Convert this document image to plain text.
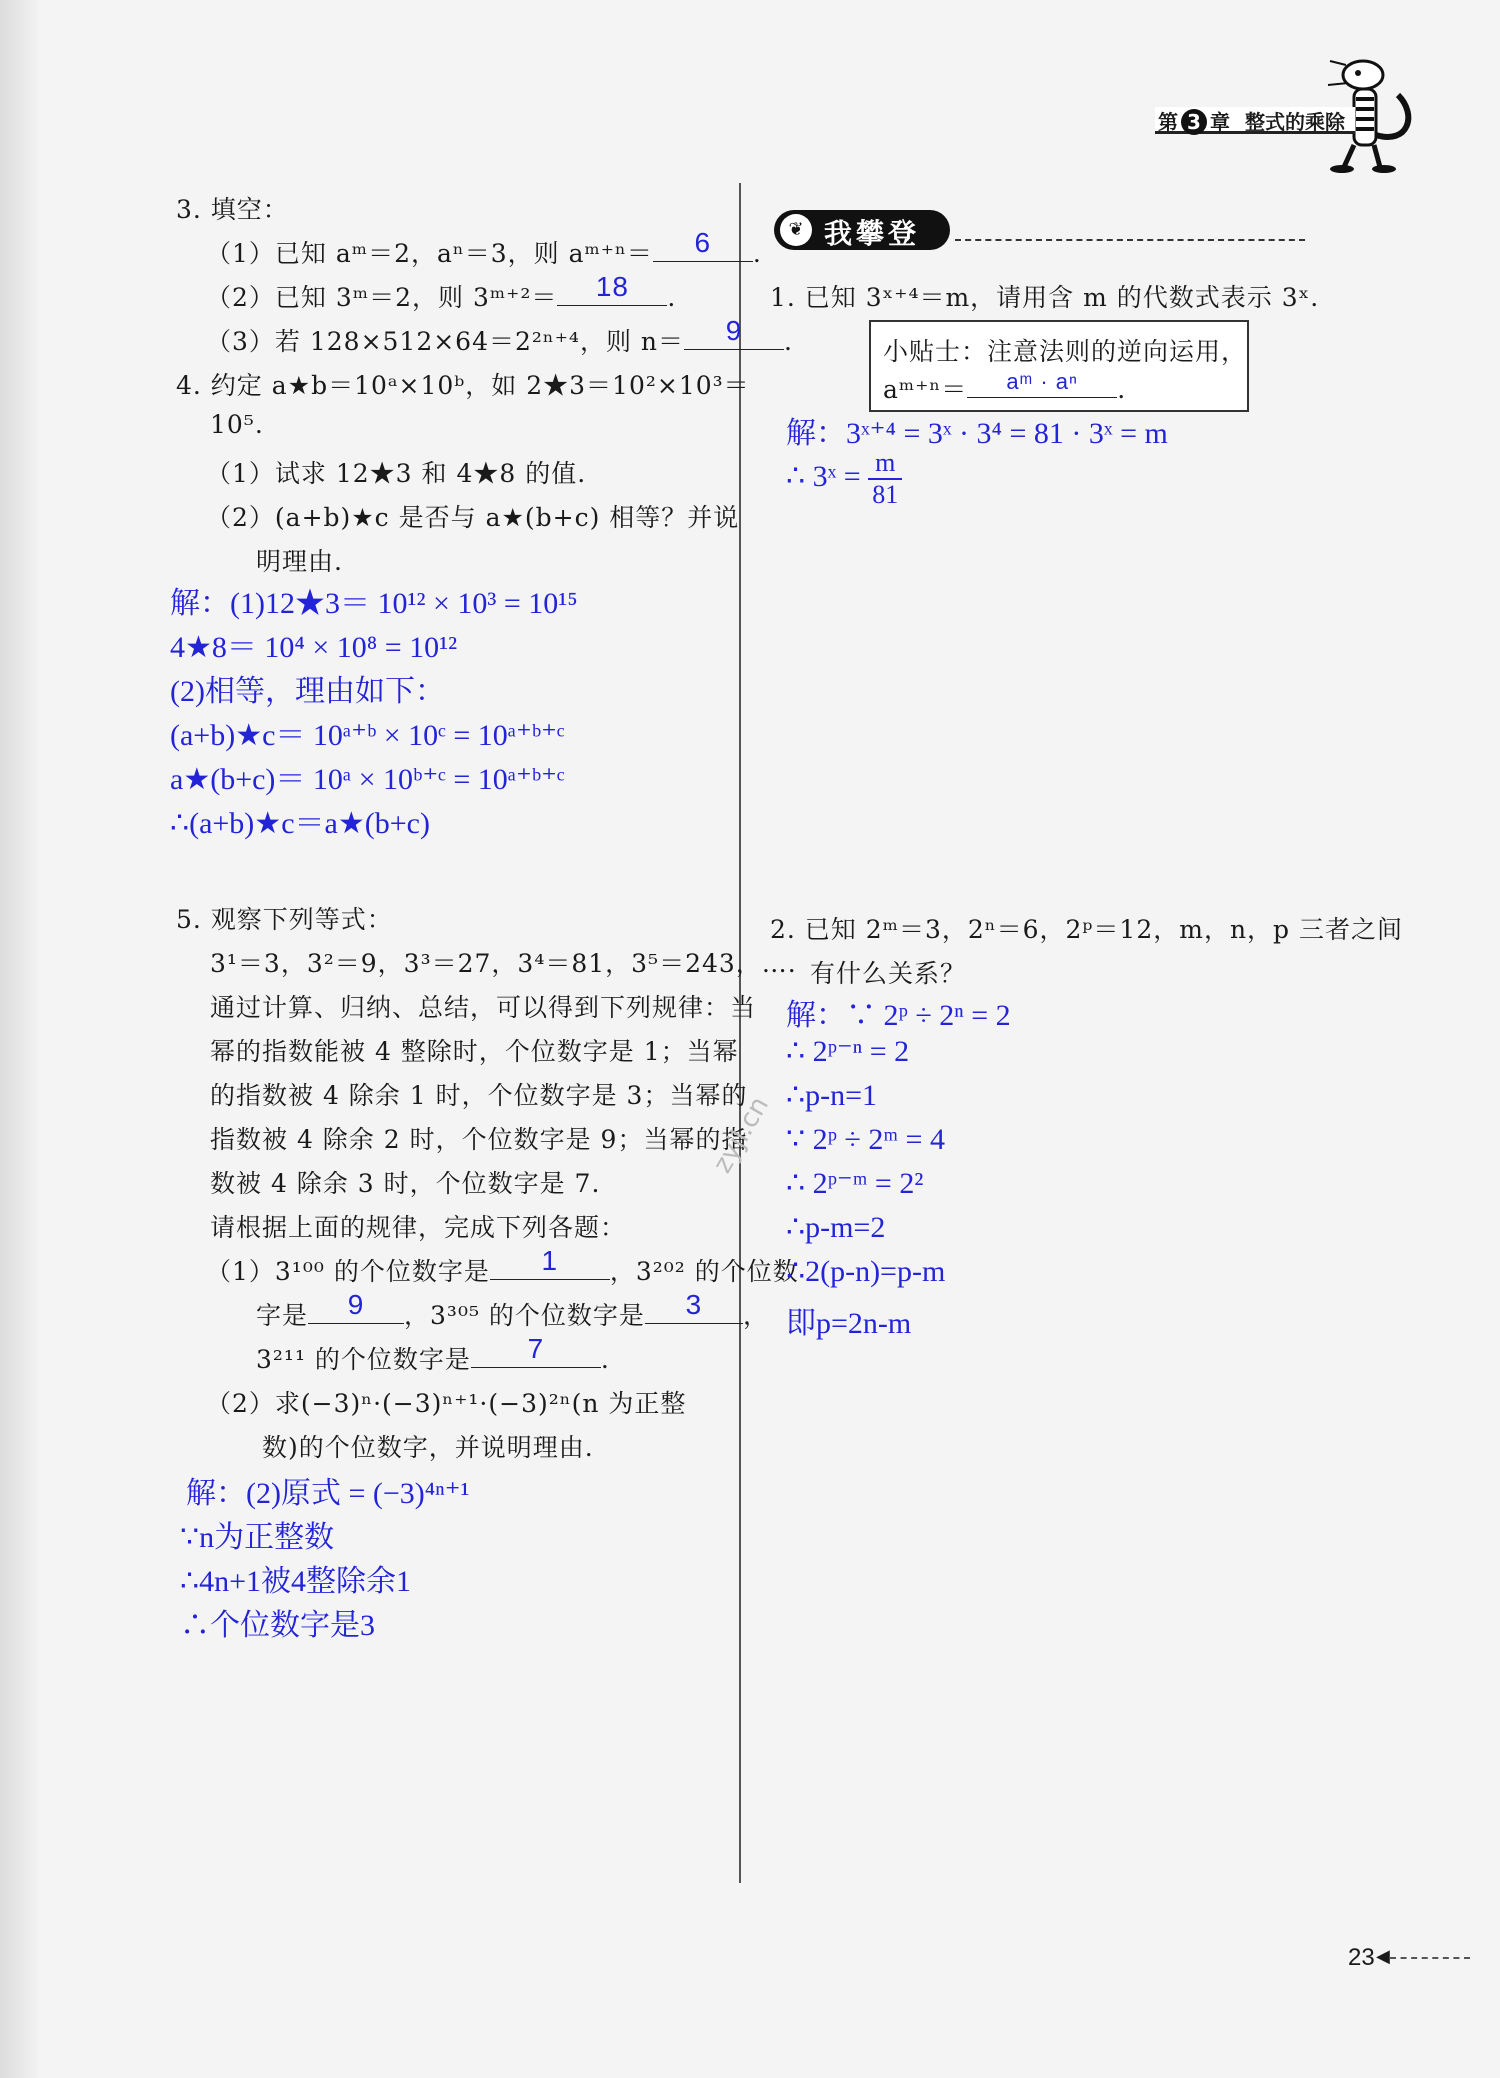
第 3 章 整式的乘除
3. 填空：
（1）已知 aᵐ＝2，aⁿ＝3，则 aᵐ⁺ⁿ＝	6	.
（2）已知 3ᵐ＝2，则 3ᵐ⁺²＝	18	.
（3）若 128×512×64＝2²ⁿ⁺⁴，则 n＝	9	.
4. 约定 a★b＝10ᵃ×10ᵇ，如 2★3＝10²×10³＝
10⁵.
（1）试求 12★3 和 4★8 的值.
（2）(a+b)★c 是否与 a★(b+c) 相等？并说
明理由.
解：(1)12★3＝ 10¹² × 10³ = 10¹⁵
4★8＝ 10⁴ × 10⁸ = 10¹²
(2)相等，理由如下：
(a+b)★c＝ 10ᵃ⁺ᵇ × 10ᶜ = 10ᵃ⁺ᵇ⁺ᶜ
a★(b+c)＝ 10ᵃ × 10ᵇ⁺ᶜ = 10ᵃ⁺ᵇ⁺ᶜ
∴(a+b)★c＝a★(b+c)
5. 观察下列等式：
3¹＝3，3²＝9，3³＝27，3⁴＝81，3⁵＝243，….
通过计算、归纳、总结，可以得到下列规律：当
幂的指数能被 4 整除时，个位数字是 1；当幂
的指数被 4 除余 1 时，个位数字是 3；当幂的
指数被 4 除余 2 时，个位数字是 9；当幂的指
数被 4 除余 3 时，个位数字是 7.
请根据上面的规律，完成下列各题：
（1）3¹⁰⁰ 的个位数字是	1	，3²⁰² 的个位数
字是	9	，3³⁰⁵ 的个位数字是	3	，
3²¹¹ 的个位数字是	7	.
（2）求(−3)ⁿ·(−3)ⁿ⁺¹·(−3)²ⁿ(n 为正整
数)的个位数字，并说明理由.
解：(2)原式 = (−3)⁴ⁿ⁺¹
∵n为正整数
∴4n+1被4整除余1
∴个位数字是3
❦ 我攀登
1. 已知 3ˣ⁺⁴＝m，请用含 m 的代数式表示 3ˣ.
小贴士：注意法则的逆向运用，
aᵐ⁺ⁿ＝	aᵐ · aⁿ	.
解：3ˣ⁺⁴ = 3ˣ · 3⁴ = 81 · 3ˣ = m
∴ 3ˣ = $\frac{m}{81}$
2. 已知 2ᵐ＝3，2ⁿ＝6，2ᵖ＝12，m，n，p 三者之间
有什么关系？
解：∵ 2ᵖ ÷ 2ⁿ = 2
∴ 2ᵖ⁻ⁿ = 2
∴p-n=1
∵ 2ᵖ ÷ 2ᵐ = 4
∴ 2ᵖ⁻ᵐ = 2²
∴p-m=2
∴2(p-n)=p-m
即p=2n-m
zyjl.cn
23 ◀
